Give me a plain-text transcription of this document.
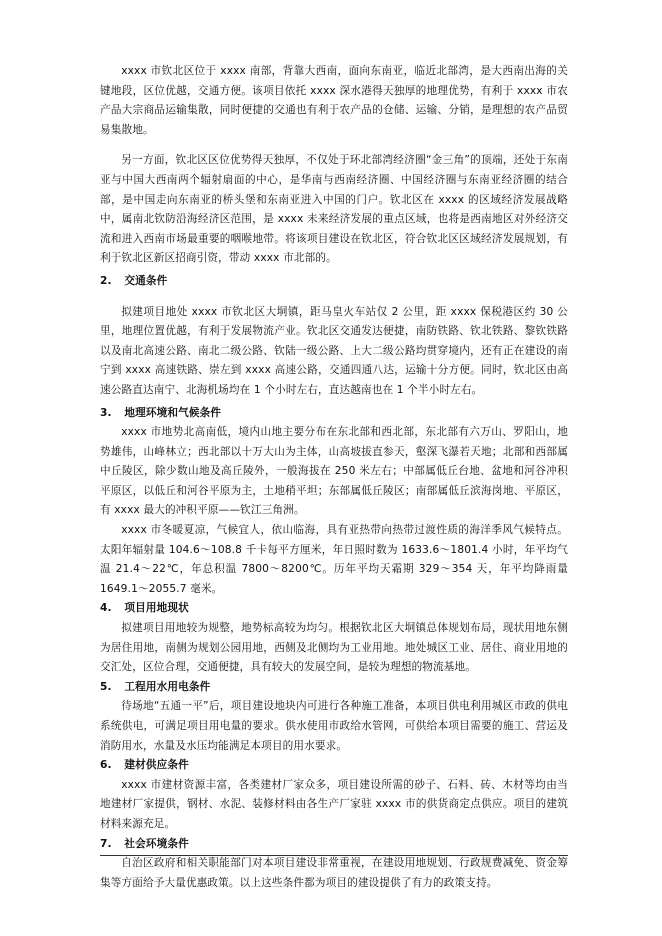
xxxx 市钦北区位于 xxxx 南部，背靠大西南，面向东南亚，临近北部湾，是大西南出海的关键地段，区位优越，交通方便。该项目依托 xxxx 深水港得天独厚的地理优势，有利于 xxxx 市农产品大宗商品运输集散，同时便捷的交通也有利于农产品的仓储、运输、分销，是理想的农产品贸易集散地。

另一方面，钦北区区位优势得天独厚，不仅处于环北部湾经济圈“金三角”的顶端，还处于东南亚与中国大西南两个辐射扇面的中心，是华南与西南经济圈、中国经济圈与东南亚经济圈的结合部，是中国走向东南亚的桥头堡和东南亚进入中国的门户。钦北区在 xxxx 的区域经济发展战略中，属南北钦防沿海经济区范围，是 xxxx 未来经济发展的重点区域，也将是西南地区对外经济交流和进入西南市场最重要的咽喉地带。将该项目建设在钦北区，符合钦北区区域经济发展规划，有利于钦北区新区招商引资，带动 xxxx 市北部的。

2. 交通条件

拟建项目地处 xxxx 市钦北区大垌镇，距马皇火车站仅 2 公里，距 xxxx 保税港区约 30 公里，地理位置优越，有利于发展物流产业。钦北区交通发达便捷，南防铁路、钦北铁路、黎钦铁路以及南北高速公路、南北二级公路、钦陆一级公路、上大二级公路均贯穿境内，还有正在建设的南宁到 xxxx 高速铁路、崇左到 xxxx 高速公路，交通四通八达，运输十分方便。同时，钦北区由高速公路直达南宁、北海机场均在 1 个小时左右，直达越南也在 1 个半小时左右。

3. 地理环境和气候条件

xxxx 市地势北高南低，境内山地主要分布在东北部和西北部，东北部有六万山、罗阳山，地势雄伟，山峰林立；西北部以十万大山为主体，山高坡拔直参天，壑深飞瀑若天地；北部和西部属中丘陵区，除少数山地及高丘陵外，一般海拔在 250 米左右；中部属低丘台地、盆地和河谷冲积平原区，以低丘和河谷平原为主，土地稍平坦；东部属低丘陵区；南部属低丘滨海岗地、平原区，有 xxxx 最大的冲积平原——钦江三角洲。

xxxx 市冬暖夏凉，气候宜人，依山临海，具有亚热带向热带过渡性质的海洋季风气候特点。太阳年辐射量 104.6～108.8 千卡每平方厘米，年日照时数为 1633.6～1801.4 小时，年平均气温 21.4～22℃，年总积温 7800～8200℃。历年平均天霜期 329～354 天，年平均降雨量 1649.1～2055.7 毫米。

4. 项目用地现状

拟建项目用地较为规整，地势标高较为均匀。根据钦北区大垌镇总体规划布局，现状用地东侧为居住用地，南侧为规划公园用地，西侧及北侧均为工业用地。地处城区工业、居住、商业用地的交汇处，区位合理，交通便捷，具有较大的发展空间，是较为理想的物流基地。

5. 工程用水用电条件

待场地“五通一平”后，项目建设地块内可进行各种施工准备，本项目供电利用城区市政的供电系统供电，可满足项目用电量的要求。供水使用市政给水管网，可供给本项目需要的施工、营运及消防用水，水量及水压均能满足本项目的用水要求。

6. 建材供应条件

xxxx 市建材资源丰富，各类建材厂家众多，项目建设所需的砂子、石料、砖、木材等均由当地建材厂家提供，钢材、水泥、装修材料由各生产厂家驻 xxxx 市的供货商定点供应。项目的建筑材料来源充足。

7. 社会环境条件

自治区政府和相关职能部门对本项目建设非常重视，在建设用地规划、行政规费减免、资金筹集等方面给予大量优惠政策。以上这些条件都为项目的建设提供了有力的政策支持。
